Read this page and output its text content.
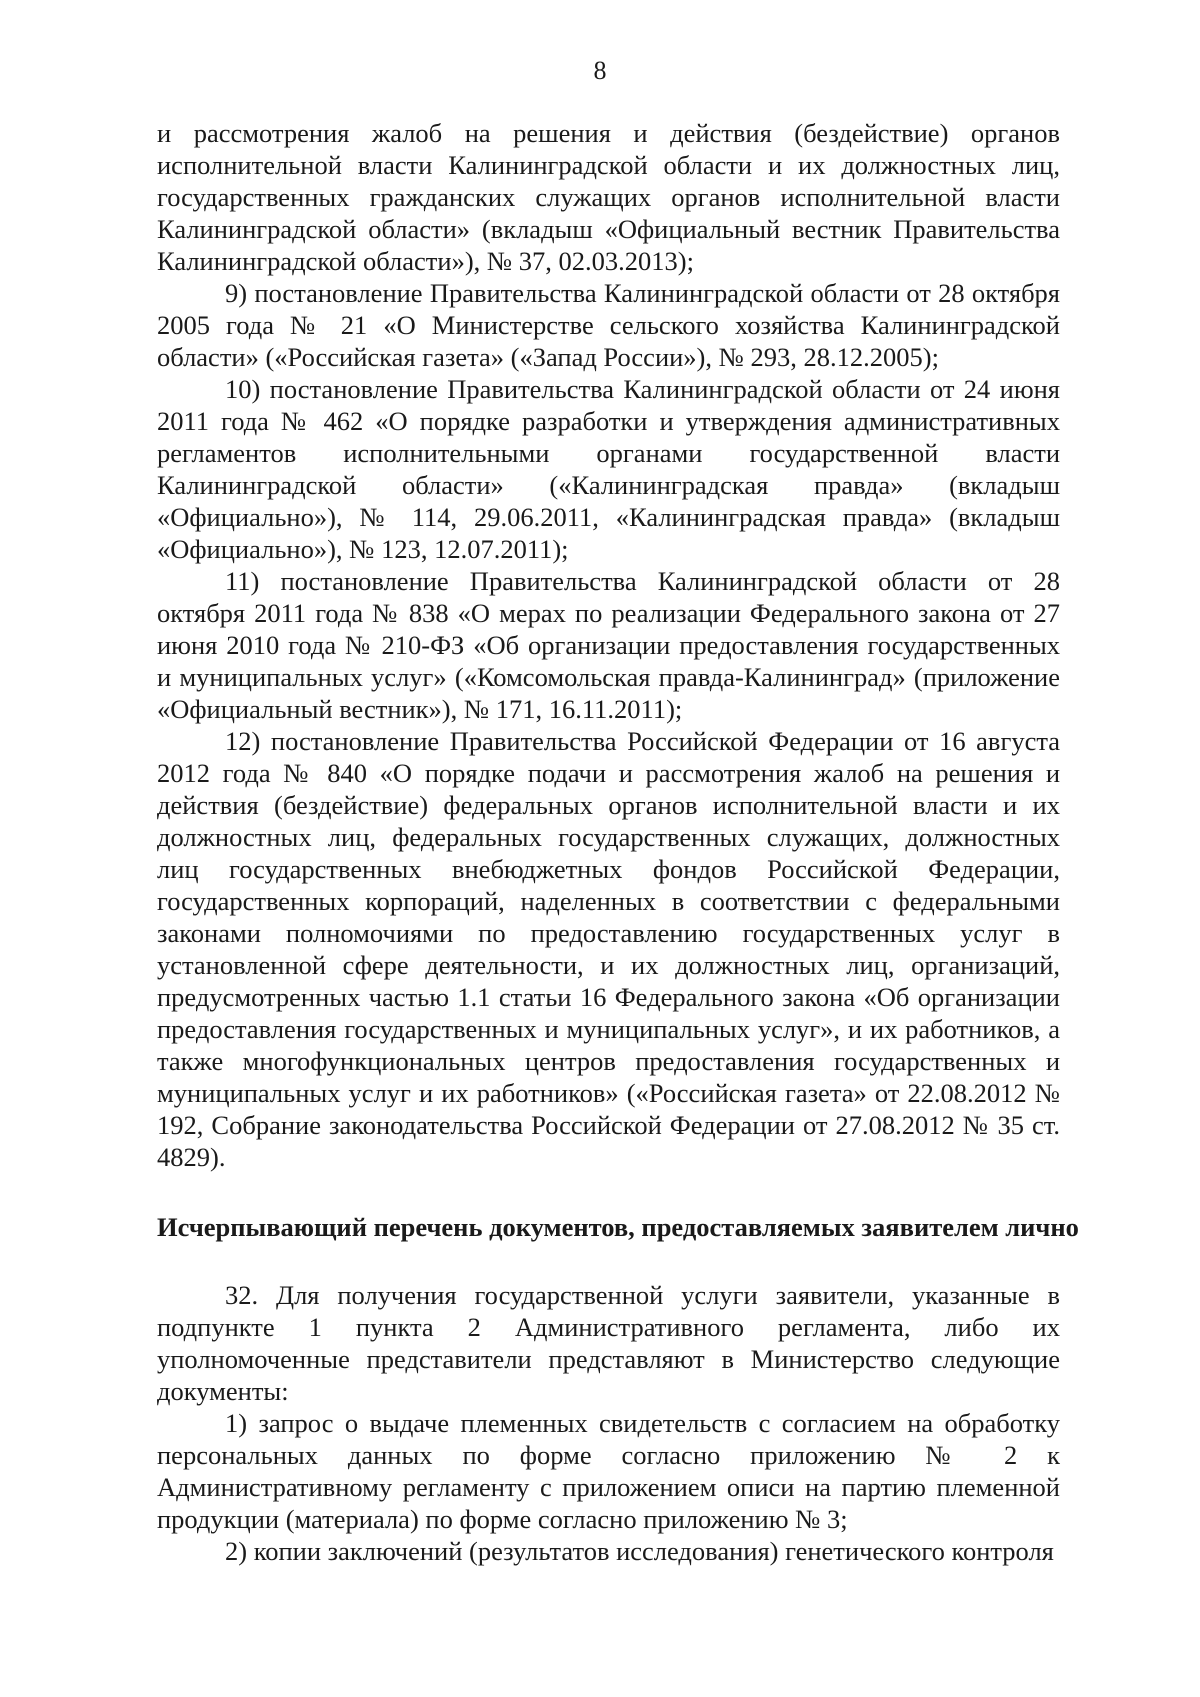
8

и рассмотрения жалоб на решения и действия (бездействие) органов исполнительной власти Калининградской области и их должностных лиц, государственных гражданских служащих органов исполнительной власти Калининградской области» (вкладыш «Официальный вестник Правительства Калининградской области»), № 37, 02.03.2013);

9) постановление Правительства Калининградской области от 28 октября 2005 года № 21 «О Министерстве сельского хозяйства Калининградской области» («Российская газета» («Запад России»), № 293, 28.12.2005);

10) постановление Правительства Калининградской области от 24 июня 2011 года № 462 «О порядке разработки и утверждения административных регламентов исполнительными органами государственной власти Калининградской области» («Калининградская правда» (вкладыш «Официально»), № 114, 29.06.2011, «Калининградская правда» (вкладыш «Официально»), № 123, 12.07.2011);

11) постановление Правительства Калининградской области от 28 октября 2011 года № 838 «О мерах по реализации Федерального закона от 27 июня 2010 года № 210-ФЗ «Об организации предоставления государственных и муниципальных услуг» («Комсомольская правда-Калининград» (приложение «Официальный вестник»), № 171, 16.11.2011);

12) постановление Правительства Российской Федерации от 16 августа 2012 года № 840 «О порядке подачи и рассмотрения жалоб на решения и действия (бездействие) федеральных органов исполнительной власти и их должностных лиц, федеральных государственных служащих, должностных лиц государственных внебюджетных фондов Российской Федерации, государственных корпораций, наделенных в соответствии с федеральными законами полномочиями по предоставлению государственных услуг в установленной сфере деятельности, и их должностных лиц, организаций, предусмотренных частью 1.1 статьи 16 Федерального закона «Об организации предоставления государственных и муниципальных услуг», и их работников, а также многофункциональных центров предоставления государственных и муниципальных услуг и их работников» («Российская газета» от 22.08.2012 № 192, Собрание законодательства Российской Федерации от 27.08.2012 № 35 ст. 4829).

Исчерпывающий перечень документов, предоставляемых заявителем лично

32. Для получения государственной услуги заявители, указанные в подпункте 1 пункта 2 Административного регламента, либо их уполномоченные представители представляют в Министерство следующие документы:

1) запрос о выдаче племенных свидетельств с согласием на обработку персональных данных по форме согласно приложению № 2 к Административному регламенту с приложением описи на партию племенной продукции (материала) по форме согласно приложению № 3;

2) копии заключений (результатов исследования) генетического контроля
